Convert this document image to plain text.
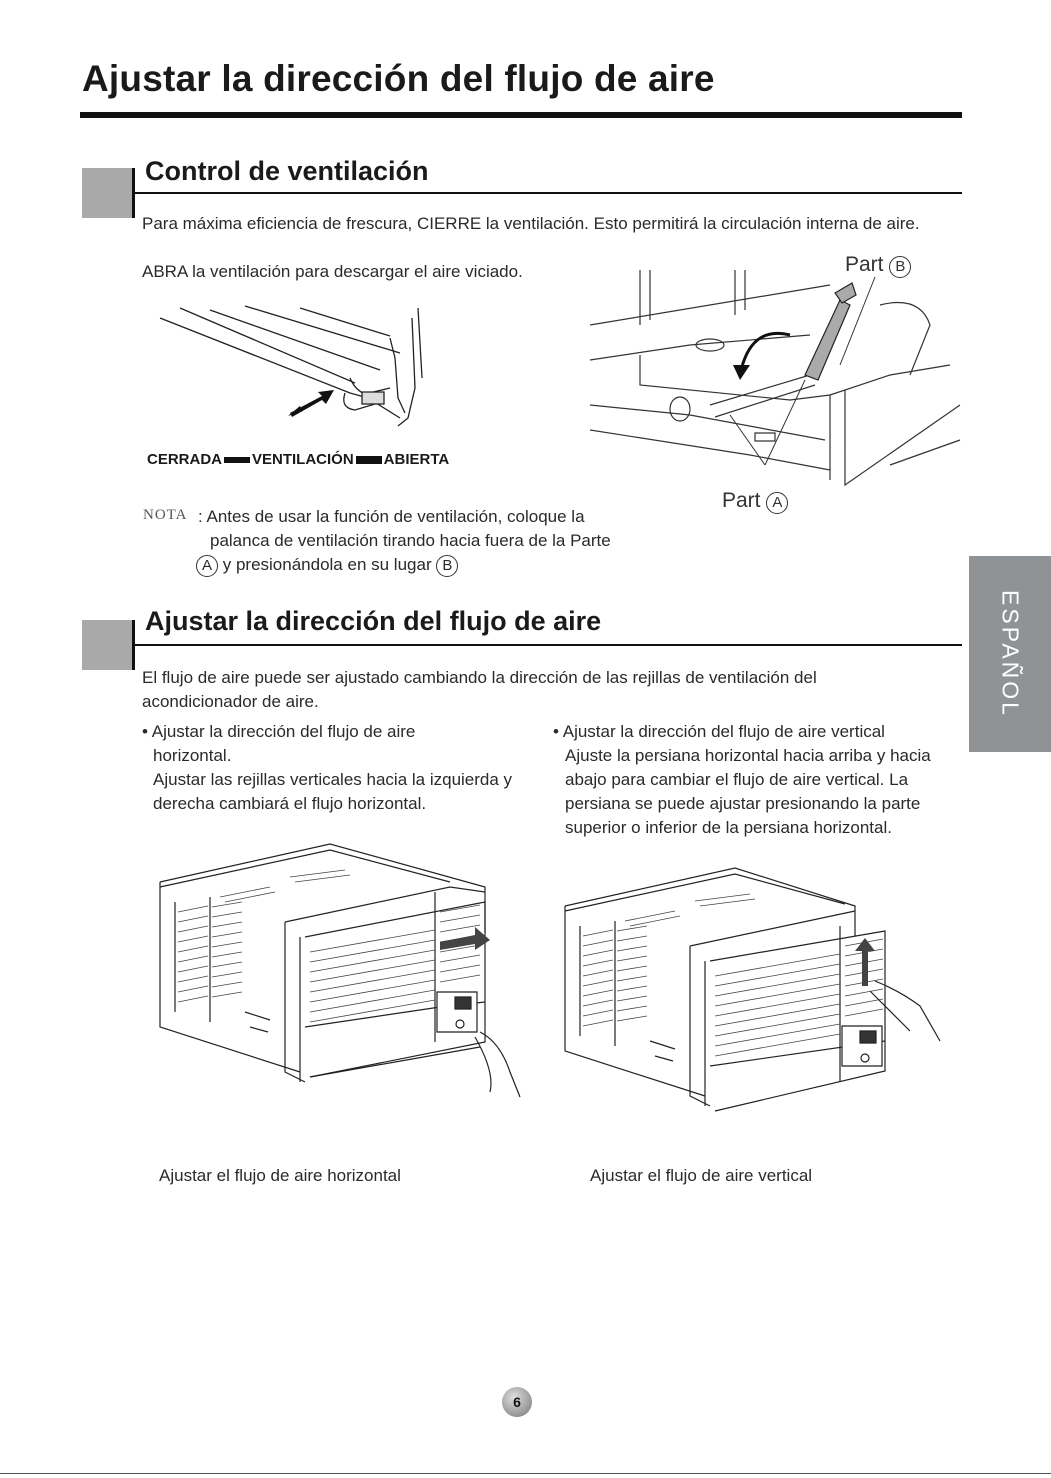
Ajustar la dirección del flujo de aire
Control de ventilación
Para máxima eficiencia de frescura, CIERRE la ventilación. Esto permitirá la circulación interna de aire.
ABRA la ventilación para descargar el aire viciado.
CERRADA VENTILACIÓN ABIERTA
Part B
Part A
NOTA : Antes de usar la función de ventilación, coloque la
palanca de ventilación tirando hacia fuera de la Parte
A y presionándola en su lugar B
Ajustar la dirección del flujo de aire
El flujo de aire puede ser ajustado cambiando la dirección de las rejillas de ventilación del acondicionador de aire.
• Ajustar la dirección del flujo de aire
horizontal.
Ajustar las rejillas verticales hacia la izquierda y
derecha cambiará el flujo horizontal.
• Ajustar la dirección del flujo de aire vertical
Ajuste la persiana horizontal hacia arriba y hacia
abajo para cambiar el flujo de aire vertical. La
persiana se puede ajustar presionando la parte
superior o inferior de la persiana horizontal.
Ajustar el flujo de aire horizontal	Ajustar el flujo de aire vertical
ESPAÑOL
6
